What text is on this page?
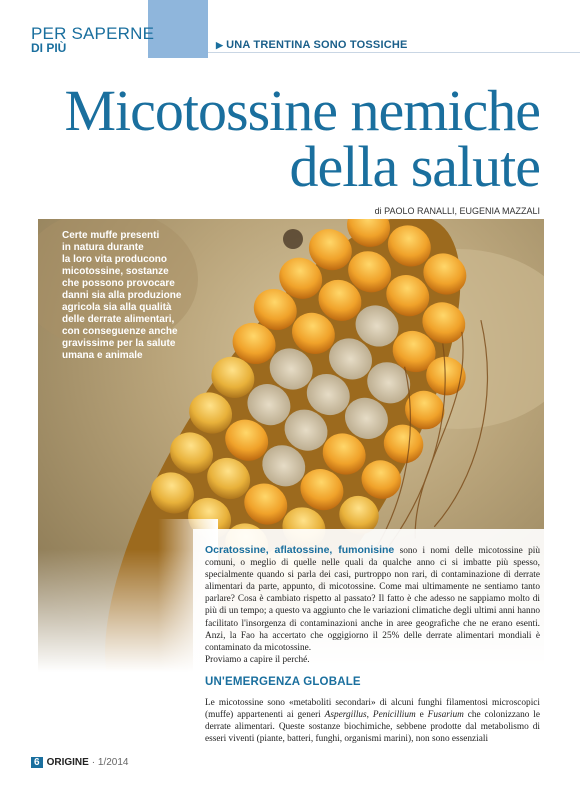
PER SAPERNE
DI PIÙ	▶ UNA TRENTINA SONO TOSSICHE
Micotossine nemiche
della salute
di PAOLO RANALLI, EUGENIA MAZZALI
Certe muffe presenti
in natura durante
la loro vita producono
micotossine, sostanze
che possono provocare
danni sia alla produzione
agricola sia alla qualità
delle derrate alimentari,
con conseguenze anche
gravissime per la salute
umana e animale
Ocratossine, aflatossine, fumonisine sono i nomi delle micotossine più comuni, o meglio di quelle nelle quali da qualche anno ci si imbatte più spesso, specialmente quando si parla dei casi, purtroppo non rari, di contaminazione di derrate alimentari da parte, appunto, di micotossine. Come mai ultimamente ne sentiamo tanto parlare? Cosa è cambiato rispetto al passato? Il fatto è che adesso ne sappiamo molto di più di un tempo; a questo va aggiunto che le variazioni climatiche degli ultimi anni hanno facilitato l'insorgenza di contaminazioni anche in aree geografiche che ne erano esenti. Anzi, la Fao ha accertato che oggigiorno il 25% delle derrate alimentari mondiali è contaminato da micotossine.
Proviamo a capire il perché.
UN'EMERGENZA GLOBALE
Le micotossine sono «metaboliti secondari» di alcuni funghi filamentosi microscopici (muffe) appartenenti ai generi Aspergillus, Penicillium e Fusarium che colonizzano le derrate alimentari. Queste sostanze biochimiche, sebbene prodotte dal metabolismo di esseri viventi (piante, batteri, funghi, organismi marini), non sono essenziali
6 ORIGINE · 1/2014
